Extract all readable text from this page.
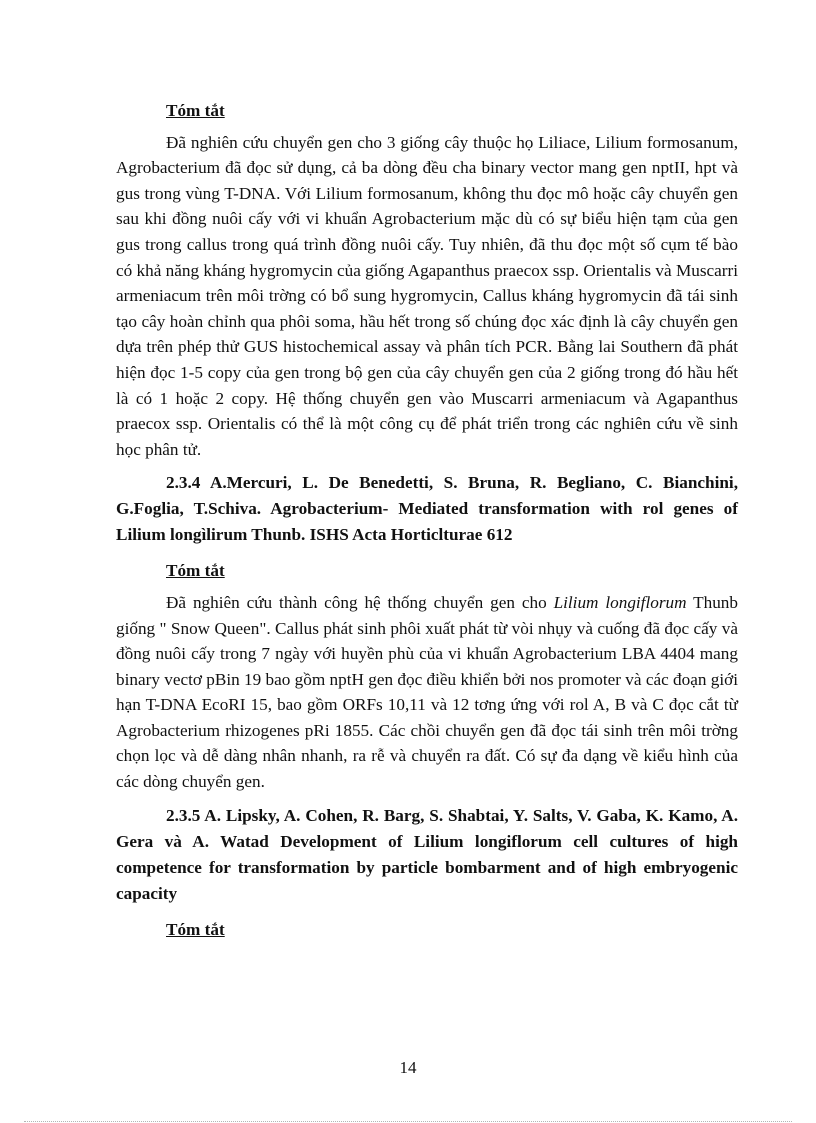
Tóm tắt

Đã nghiên cứu chuyển gen cho 3 giống cây thuộc họ Liliace, Lilium formosanum, Agrobacterium đã đọc sử dụng, cả ba dòng đều cha binary vector mang gen nptII, hpt và gus trong vùng T-DNA. Với Lilium formosanum, không thu đọc mô hoặc cây chuyển gen sau khi đồng nuôi cấy với vi khuẩn Agrobacterium mặc dù có sự biểu hiện tạm của gen gus trong callus trong quá trình đồng nuôi cấy. Tuy nhiên, đã thu đọc một số cụm tế bào có khả năng kháng hygromycin của giống Agapanthus praecox ssp. Orientalis và Muscarri armeniacum trên môi trờng có bổ sung hygromycin, Callus kháng hygromycin đã tái sinh tạo cây hoàn chỉnh qua phôi soma, hầu hết trong số chúng đọc xác định là cây chuyển gen dựa trên phép thử GUS histochemical assay và phân tích PCR. Bằng lai Southern đã phát hiện đọc 1-5 copy của gen trong bộ gen của cây chuyển gen của 2 giống trong đó hầu hết là có 1 hoặc 2 copy. Hệ thống chuyển gen vào Muscarri armeniacum và Agapanthus praecox ssp. Orientalis có thể là một công cụ để phát triển trong các nghiên cứu về sinh học phân tử.

2.3.4 A.Mercuri, L. De Benedetti, S. Bruna, R. Begliano, C. Bianchini, G.Foglia, T.Schiva. Agrobacterium- Mediated transformation with rol genes of Lilium longìlirum Thunb. ISHS Acta Horticlturae 612

Tóm tắt

Đã nghiên cứu thành công hệ thống chuyển gen cho Lilium longiflorum Thunb giống " Snow Queen". Callus phát sinh phôi xuất phát từ vòi nhụy và cuống đã đọc cấy và đồng nuôi cấy trong 7 ngày với huyền phù của vi khuẩn Agrobacterium LBA 4404 mang binary vectơ pBin 19 bao gồm nptH gen đọc điều khiển bởi nos promoter và các đoạn giới hạn T-DNA EcoRI 15, bao gồm ORFs 10,11 và 12 tơng ứng với rol A, B và C đọc cắt từ Agrobacterium rhizogenes pRi 1855. Các chồi chuyển gen đã đọc tái sinh trên môi trờng chọn lọc và dễ dàng nhân nhanh, ra rễ và chuyển ra đất. Có sự đa dạng về kiểu hình của các dòng chuyển gen.

2.3.5 A. Lipsky, A. Cohen, R. Barg, S. Shabtai, Y. Salts, V. Gaba, K. Kamo, A. Gera và A. Watad Development of Lilium longiflorum cell cultures of high competence for transformation by particle bombarment and of high embryogenic capacity

Tóm tắt
14
